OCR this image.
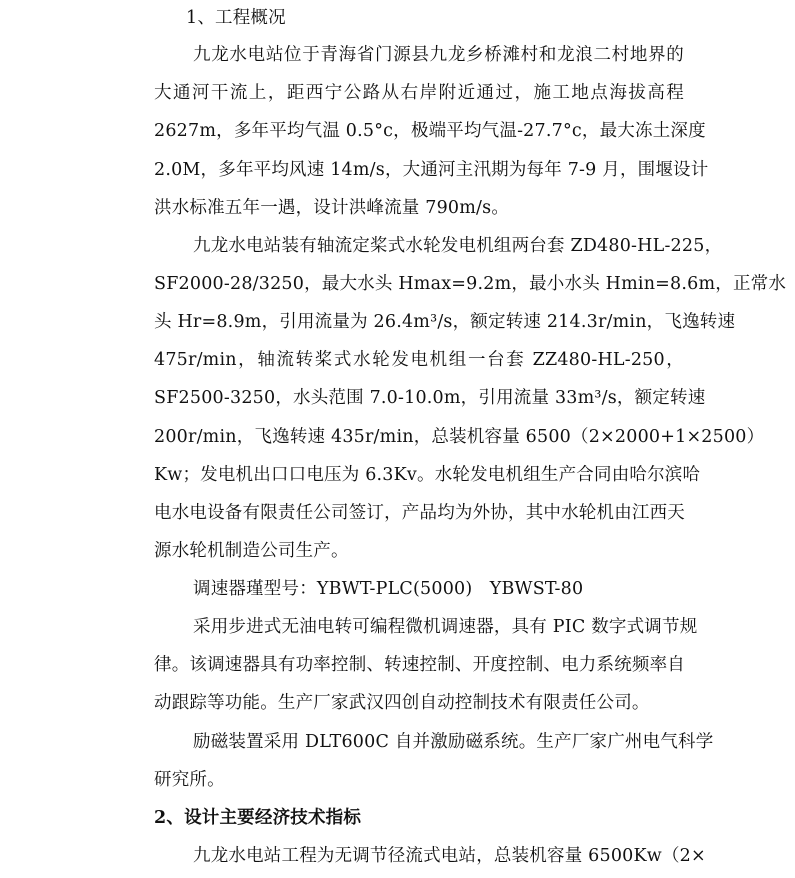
1、工程概况
九龙水电站位于青海省门源县九龙乡桥滩村和龙浪二村地界的
大通河干流上，距西宁公路从右岸附近通过，施工地点海拔高程
2627m，多年平均气温 0.5°c，极端平均气温-27.7°c，最大冻土深度
2.0M，多年平均风速 14m/s，大通河主汛期为每年 7-9 月，围堰设计
洪水标准五年一遇，设计洪峰流量 790m/s。
九龙水电站装有轴流定桨式水轮发电机组两台套 ZD480-HL-225，
SF2000-28/3250，最大水头 Hmax=9.2m，最小水头 Hmin=8.6m，正常水
头 Hr=8.9m，引用流量为 26.4m³/s，额定转速 214.3r/min，飞逸转速
475r/min，轴流转桨式水轮发电机组一台套 ZZ480-HL-250，
SF2500-3250，水头范围 7.0-10.0m，引用流量 33m³/s，额定转速
200r/min，飞逸转速 435r/min，总装机容量 6500（2×2000+1×2500）
Kw；发电机出口口电压为 6.3Kv。水轮发电机组生产合同由哈尔滨哈
电水电设备有限责任公司签订，产品均为外协，其中水轮机由江西天
源水轮机制造公司生产。
调速器瑾型号：YBWT-PLC(5000)   YBWST-80
采用步进式无油电转可编程微机调速器，具有 PIC 数字式调节规
律。该调速器具有功率控制、转速控制、开度控制、电力系统频率自
动跟踪等功能。生产厂家武汉四创自动控制技术有限责任公司。
励磁装置采用 DLT600C 自并激励磁系统。生产厂家广州电气科学
研究所。
2、设计主要经济技术指标
九龙水电站工程为无调节径流式电站，总装机容量 6500Kw（2×
